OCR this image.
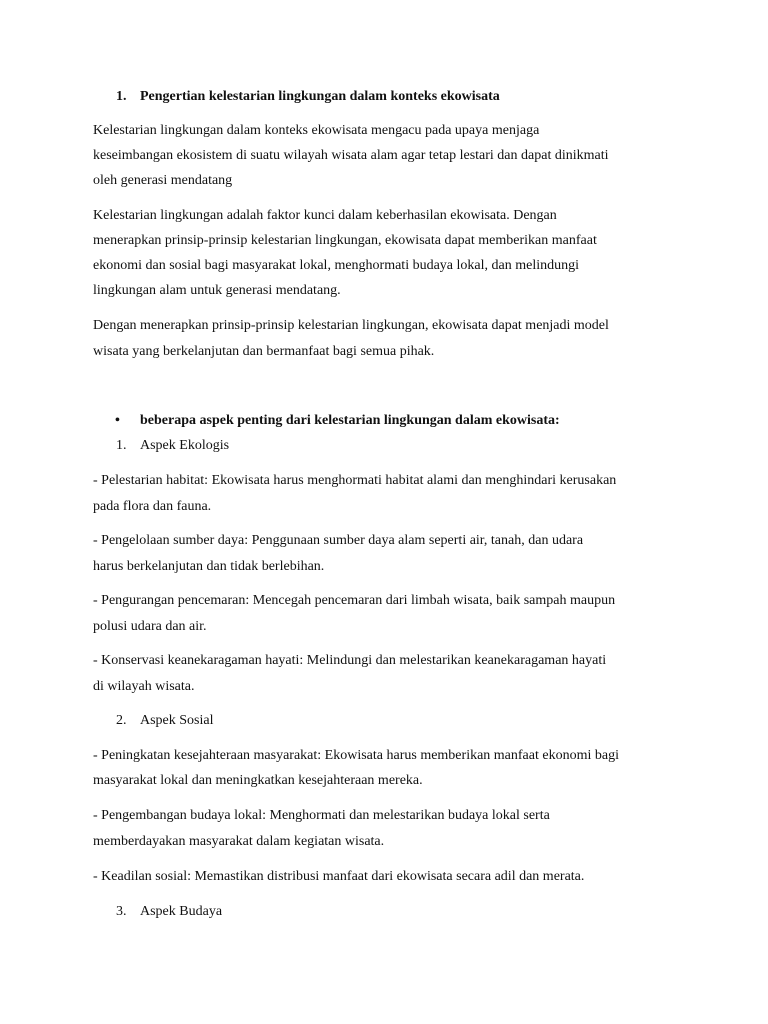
1. Pengertian kelestarian lingkungan dalam konteks ekowisata
Kelestarian lingkungan dalam konteks ekowisata mengacu pada upaya menjaga
keseimbangan ekosistem di suatu wilayah wisata alam agar tetap lestari dan dapat dinikmati
oleh generasi mendatang
Kelestarian lingkungan adalah faktor kunci dalam keberhasilan ekowisata. Dengan
menerapkan prinsip-prinsip kelestarian lingkungan, ekowisata dapat memberikan manfaat
ekonomi dan sosial bagi masyarakat lokal, menghormati budaya lokal, dan melindungi
lingkungan alam untuk generasi mendatang.
Dengan menerapkan prinsip-prinsip kelestarian lingkungan, ekowisata dapat menjadi model
wisata yang berkelanjutan dan bermanfaat bagi semua pihak.
• beberapa aspek penting dari kelestarian lingkungan dalam ekowisata:
1. Aspek Ekologis
- Pelestarian habitat: Ekowisata harus menghormati habitat alami dan menghindari kerusakan
pada flora dan fauna.
- Pengelolaan sumber daya: Penggunaan sumber daya alam seperti air, tanah, dan udara
harus berkelanjutan dan tidak berlebihan.
- Pengurangan pencemaran: Mencegah pencemaran dari limbah wisata, baik sampah maupun
polusi udara dan air.
- Konservasi keanekaragaman hayati: Melindungi dan melestarikan keanekaragaman hayati
di wilayah wisata.
2. Aspek Sosial
- Peningkatan kesejahteraan masyarakat: Ekowisata harus memberikan manfaat ekonomi bagi
masyarakat lokal dan meningkatkan kesejahteraan mereka.
- Pengembangan budaya lokal: Menghormati dan melestarikan budaya lokal serta
memberdayakan masyarakat dalam kegiatan wisata.
- Keadilan sosial: Memastikan distribusi manfaat dari ekowisata secara adil dan merata.
3. Aspek Budaya
